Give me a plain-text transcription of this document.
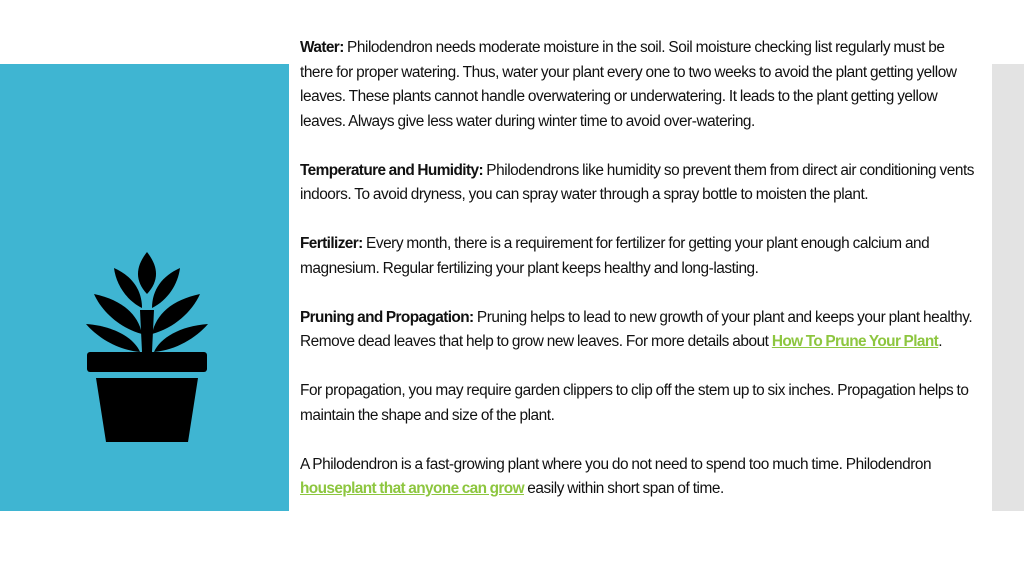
Water: Philodendron needs moderate moisture in the soil. Soil moisture checking list regularly must be there for proper watering. Thus, water your plant every one to two weeks to avoid the plant getting yellow leaves. These plants cannot handle overwatering or underwatering. It leads to the plant getting yellow leaves. Always give less water during winter time to avoid over-watering.

Temperature and Humidity: Philodendrons like humidity so prevent them from direct air conditioning vents indoors. To avoid dryness, you can spray water through a spray bottle to moisten the plant.

Fertilizer: Every month, there is a requirement for fertilizer for getting your plant enough calcium and magnesium. Regular fertilizing your plant keeps healthy and long-lasting.

Pruning and Propagation: Pruning helps to lead to new growth of your plant and keeps your plant healthy. Remove dead leaves that help to grow new leaves. For more details about How To Prune Your Plant.

For propagation, you may require garden clippers to clip off the stem up to six inches. Propagation helps to maintain the shape and size of the plant.

A Philodendron is a fast-growing plant where you do not need to spend too much time. Philodendron houseplant that anyone can grow easily within short span of time.
